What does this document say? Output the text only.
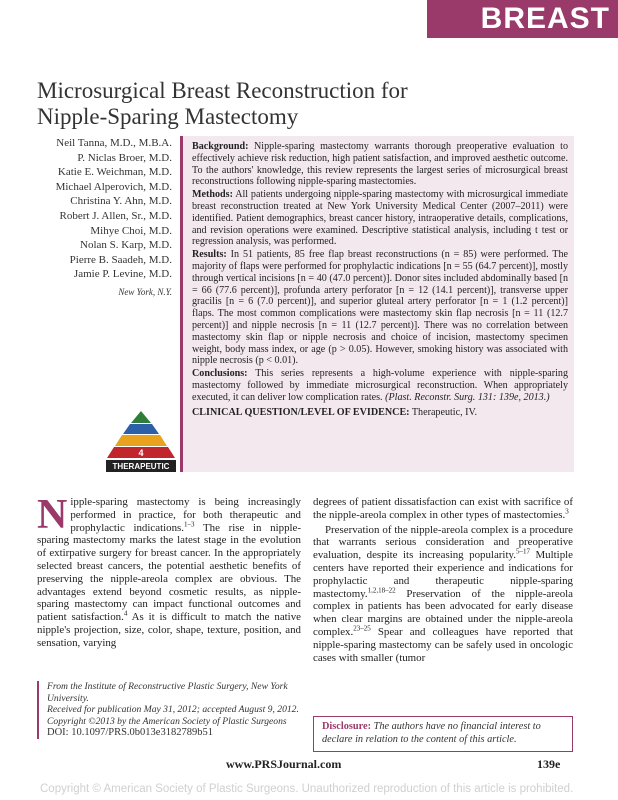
BREAST
Microsurgical Breast Reconstruction for Nipple-Sparing Mastectomy
Neil Tanna, M.D., M.B.A.
P. Niclas Broer, M.D.
Katie E. Weichman, M.D.
Michael Alperovich, M.D.
Christina Y. Ahn, M.D.
Robert J. Allen, Sr., M.D.
Mihye Choi, M.D.
Nolan S. Karp, M.D.
Pierre B. Saadeh, M.D.
Jamie P. Levine, M.D.
New York, N.Y.

Background: Nipple-sparing mastectomy warrants thorough preoperative evaluation to effectively achieve risk reduction, high patient satisfaction, and improved aesthetic outcome. To the authors' knowledge, this review represents the largest series of microsurgical breast reconstructions following nipple-sparing mastectomies.

Methods: All patients undergoing nipple-sparing mastectomy with microsurgical immediate breast reconstruction treated at New York University Medical Center (2007–2011) were identified. Patient demographics, breast cancer history, intraoperative details, complications, and revision operations were examined. Descriptive statistical analysis, including t test or regression analysis, was performed.

Results: In 51 patients, 85 free flap breast reconstructions (n = 85) were performed. The majority of flaps were performed for prophylactic indications [n = 55 (64.7 percent)], mostly through vertical incisions [n = 40 (47.0 percent)]. Donor sites included abdominally based [n = 66 (77.6 percent)], profunda artery perforator [n = 12 (14.1 percent)], transverse upper gracilis [n = 6 (7.0 percent)], and superior gluteal artery perforator [n = 1 (1.2 percent)] flaps. The most common complications were mastectomy skin flap necrosis [n = 11 (12.7 percent)] and nipple necrosis [n = 11 (12.7 percent)]. There was no correlation between mastectomy skin flap or nipple necrosis and choice of incision, mastectomy specimen weight, body mass index, or age (p > 0.05). However, smoking history was associated with nipple necrosis (p < 0.01).

Conclusions: This series represents a high-volume experience with nipple-sparing mastectomy followed by immediate microsurgical reconstruction. When appropriately executed, it can deliver low complication rates. (Plast. Reconstr. Surg. 131: 139e, 2013.)

CLINICAL QUESTION/LEVEL OF EVIDENCE: Therapeutic, IV.

4
THERAPEUTIC

Nipple-sparing mastectomy is being increasingly performed in practice, for both therapeutic and prophylactic indications.$^{1-3}$ The rise in nipple-sparing mastectomy marks the latest stage in the evolution of extirpative surgery for breast cancer. In the appropriately selected breast cancers, the potential aesthetic benefits of preserving the nipple-areola complex are obvious. The advantages extend beyond cosmetic results, as nipple-sparing mastectomy can impact functional outcomes and patient satisfaction.$^4$ As it is difficult to match the native nipple's projection, size, color, shape, texture, position, and sensation, varying

degrees of patient dissatisfaction can exist with sacrifice of the nipple-areola complex in other types of mastectomies.$^3$

Preservation of the nipple-areola complex is a procedure that warrants serious consideration and preoperative evaluation, despite its increasing popularity.$^{5-17}$ Multiple centers have reported their experience and indications for prophylactic and therapeutic nipple-sparing mastectomy.$^{1,2,18-22}$ Preservation of the nipple-areola complex in patients has been advocated for early disease when clear margins are obtained under the nipple-areola complex.$^{23-25}$ Spear and colleagues have reported that nipple-sparing mastectomy can be safely used in oncologic cases with smaller (tumor

From the Institute of Reconstructive Plastic Surgery, New York University.
Received for publication May 31, 2012; accepted August 9, 2012.
Copyright ©2013 by the American Society of Plastic Surgeons
DOI: 10.1097/PRS.0b013e3182789b51
Disclosure: The authors have no financial interest to declare in relation to the content of this article.
www.PRSJournal.com	139e
Copyright © American Society of Plastic Surgeons. Unauthorized reproduction of this article is prohibited.
